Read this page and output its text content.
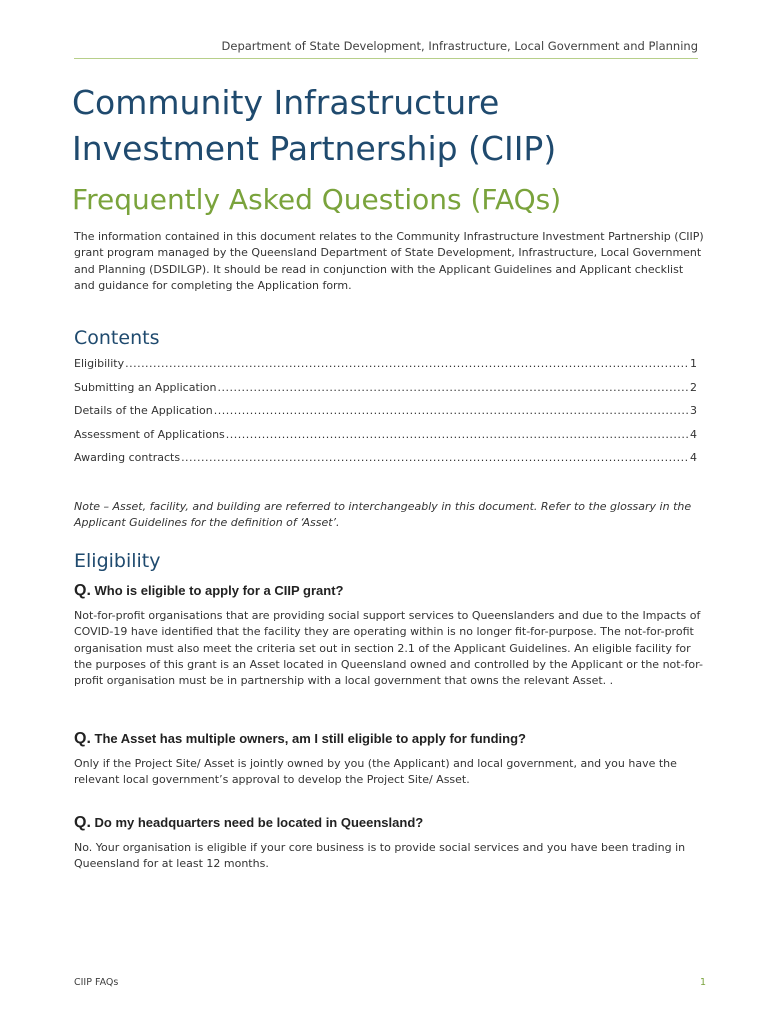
Department of State Development, Infrastructure, Local Government and Planning
Community Infrastructure
Investment Partnership (CIIP)
Frequently Asked Questions (FAQs)

The information contained in this document relates to the Community Infrastructure Investment Partnership (CIIP) grant program managed by the Queensland Department of State Development, Infrastructure, Local Government and Planning (DSDILGP). It should be read in conjunction with the Applicant Guidelines and Applicant checklist and guidance for completing the Application form.

Contents
Eligibility .....	1
Submitting an Application .....	2
Details of the Application .....	3
Assessment of Applications .....	4
Awarding contracts .....	4

Note – Asset, facility, and building are referred to interchangeably in this document. Refer to the glossary in the Applicant Guidelines for the definition of ‘Asset’.

Eligibility

Q. Who is eligible to apply for a CIIP grant?

Not-for-profit organisations that are providing social support services to Queenslanders and due to the Impacts of COVID-19 have identified that the facility they are operating within is no longer fit-for-purpose. The not-for-profit organisation must also meet the criteria set out in section 2.1 of the Applicant Guidelines. An eligible facility for the purposes of this grant is an Asset located in Queensland owned and controlled by the Applicant or the not-for-profit organisation must be in partnership with a local government that owns the relevant Asset. .

Q. The Asset has multiple owners, am I still eligible to apply for funding?

Only if the Project Site/ Asset is jointly owned by you (the Applicant) and local government, and you have the relevant local government’s approval to develop the Project Site/ Asset.

Q. Do my headquarters need be located in Queensland?

No. Your organisation is eligible if your core business is to provide social services and you have been trading in Queensland for at least 12 months.

CIIP FAQs	1
